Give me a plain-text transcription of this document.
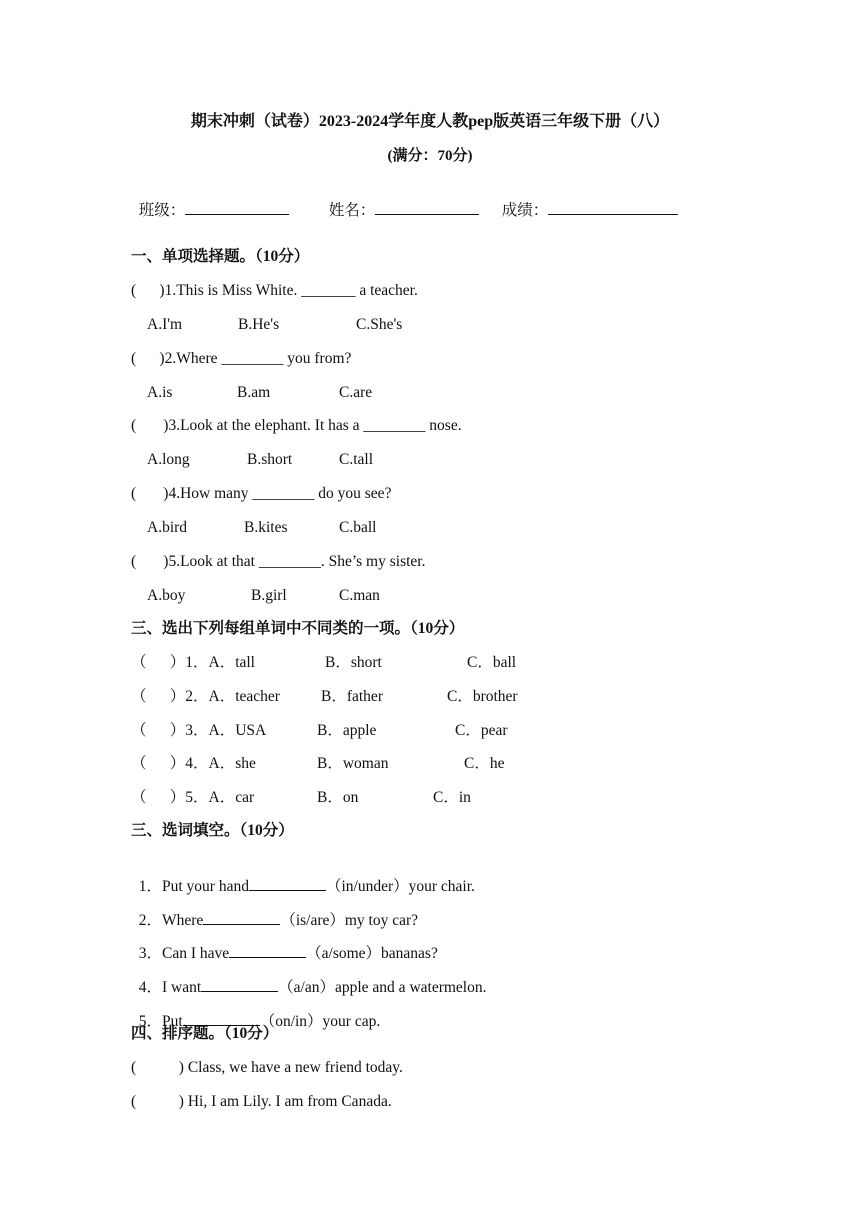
期末冲刺（试卷）2023-2024学年度人教pep版英语三年级下册（八）
(满分：70分)

班级：	姓名：	成绩：

一、单项选择题。（10分）
(      )1.This is Miss White. _______ a teacher.
A.I'm	B.He's	C.She's
(      )2.Where ________ you from?
A.is	B.am	C.are
(       )3.Look at the elephant. It has a ________ nose.
A.long	B.short	C.tall
(       )4.How many ________ do you see?
A.bird	B.kites	C.ball
(       )5.Look at that ________. She’s my sister.
A.boy	B.girl	C.man
三、选出下列每组单词中不同类的一项。（10分）
（      ）1．A．tall	B．short	C．ball
（      ）2．A．teacher	B．father	C．brother
（      ）3．A．USA	B．apple	C．pear
（      ）4．A．she	B．woman	C．he
（      ）5．A．car	B．on	C．in
三、选词填空。（10分）

1．Put your hand	（in/under）your chair.

2．Where	（is/are）my toy car?

3．Can I have	（a/some）bananas?

4．I want	（a/an）apple and a watermelon.

5．Put	（on/in）your cap.

四、排序题。（10分）
(           ) Class, we have a new friend today.
(           ) Hi, I am Lily. I am from Canada.
